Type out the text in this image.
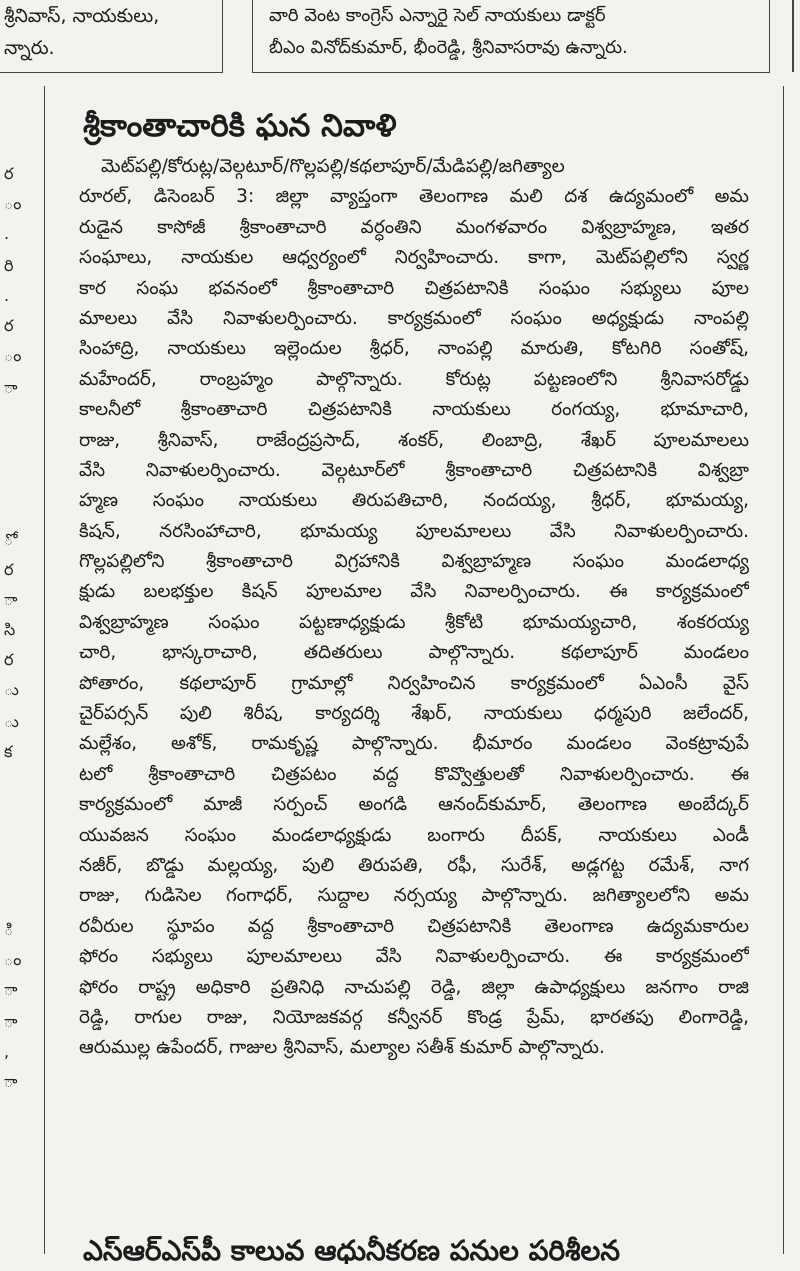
శ్రీనివాస్, నాయకులు,
న్నారు.
వారి వెంట కాంగ్రెస్ ఎన్నారై సెల్ నాయకులు డాక్టర్
బీఎం వినోద్‌కుమార్, భీంరెడ్డి, శ్రీనివాసరావు ఉన్నారు.
ర
ం
.
రి
.
ర
ం
ా
ో
ర
ా
సి
ర
ు
ు
క
ి
ం
ా
ా
,
ా
శ్రీకాంతాచారికి ఘన నివాళి
మెట్‌పల్లి/కోరుట్ల/వెల్గటూర్/గొల్లపల్లి/కథలాపూర్/మేడిపల్లి/జగిత్యాల
రూరల్, డిసెంబర్ 3: జిల్లా వ్యాప్తంగా తెలంగాణ మలి దశ ఉద్యమంలో అమ
రుడైన కాసోజీ శ్రీకాంతాచారి వర్ధంతిని మంగళవారం విశ్వబ్రాహ్మణ, ఇతర
సంఘాలు, నాయకుల ఆధ్వర్యంలో నిర్వహించారు. కాగా, మెట్‌పల్లిలోని స్వర్ణ
కార సంఘ భవనంలో శ్రీకాంతాచారి చిత్రపటానికి సంఘం సభ్యులు పూల
మాలలు వేసి నివాళులర్పించారు. కార్యక్రమంలో సంఘం అధ్యక్షుడు నాంపల్లి
సింహాద్రి, నాయకులు ఇల్లెందుల శ్రీధర్, నాంపల్లి మారుతి, కోటగిరి సంతోష్,
మహేందర్, రాంబ్రహ్మం పాల్గొన్నారు. కోరుట్ల పట్టణంలోని శ్రీనివాసరోడ్డు
కాలనీలో శ్రీకాంతాచారి చిత్రపటానికి నాయకులు రంగయ్య, భూమాచారి,
రాజు, శ్రీనివాస్, రాజేంద్రప్రసాద్, శంకర్, లింబాద్రి, శేఖర్ పూలమాలలు
వేసి నివాళులర్పించారు. వెల్గటూర్‌లో శ్రీకాంతాచారి చిత్రపటానికి విశ్వబ్రా
హ్మణ సంఘం నాయకులు తిరుపతిచారి, నందయ్య, శ్రీధర్, భూమయ్య,
కిషన్, నరసింహాచారి, భూమయ్య పూలమాలలు వేసి నివాళులర్పించారు.
గొల్లపల్లిలోని శ్రీకాంతాచారి విగ్రహానికి విశ్వబ్రాహ్మణ సంఘం మండలాధ్య
క్షుడు బలభక్తుల కిషన్ పూలమాల వేసి నివాలర్పించారు. ఈ కార్యక్రమంలో
విశ్వబ్రాహ్మణ సంఘం పట్టణాధ్యక్షుడు శ్రీకోటి భూమయ్యచారి, శంకరయ్య
చారి, భాస్కరాచారి, తదితరులు పాల్గొన్నారు. కథలాపూర్ మండలం
పోతారం, కథలాపూర్ గ్రామాల్లో నిర్వహించిన కార్యక్రమంలో ఏఎంసీ వైస్
చైర్‌పర్సన్ పులి శిరీష, కార్యదర్శి శేఖర్, నాయకులు ధర్మపురి జలేందర్,
మల్లేశం, అశోక్, రామకృష్ణ పాల్గొన్నారు. భీమారం మండలం వెంకట్రావుపే
టలో శ్రీకాంతాచారి చిత్రపటం వద్ద కొవ్వొత్తులతో నివాళులర్పించారు. ఈ
కార్యక్రమంలో మాజీ సర్పంచ్ అంగడి ఆనంద్‌కుమార్, తెలంగాణ అంబేద్కర్
యువజన సంఘం మండలాధ్యక్షుడు బంగారు దీపక్, నాయకులు ఎండీ
నజీర్, బొడ్డు మల్లయ్య, పులి తిరుపతి, రఫీ, సురేశ్, అడ్లగట్ట రమేశ్, నాగ
రాజు, గుడిసెల గంగాధర్, సుద్దాల నర్సయ్య పాల్గొన్నారు. జగిత్యాలలోని అమ
రవీరుల స్థూపం వద్ద శ్రీకాంతాచారి చిత్రపటానికి తెలంగాణ ఉద్యమకారుల
ఫోరం సభ్యులు పూలమాలలు వేసి నివాళులర్పించారు. ఈ కార్యక్రమంలో
ఫోరం రాష్ట్ర అధికారి ప్రతినిధి నాచుపల్లి రెడ్డి, జిల్లా ఉపాధ్యక్షులు జనగాం రాజి
రెడ్డి, రాగుల రాజు, నియోజకవర్గ కన్వీనర్ కొండ్ర ప్రేమ్, భారతపు లింగారెడ్డి,
ఆరుముల్ల ఉపేందర్, గాజుల శ్రీనివాస్, మల్యాల సతీశ్ కుమార్ పాల్గొన్నారు.
ఎస్‌ఆర్‌ఎస్‌పీ కాలువ ఆధునీకరణ పనుల పరిశీలన
